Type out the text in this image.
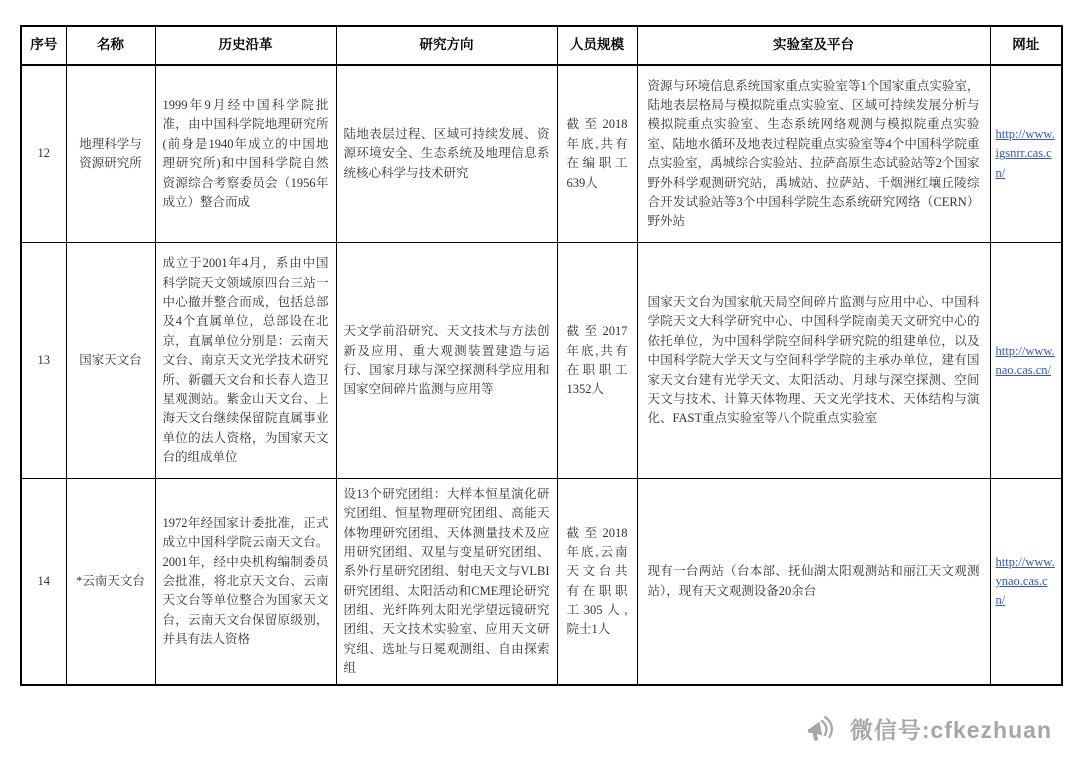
序号	名称	历史沿革	研究方向	人员规模	实验室及平台	网址
12	地理科学与资源研究所	1999年9月经中国科学院批准，由中国科学院地理研究所(前身是1940年成立的中国地理研究所)和中国科学院自然资源综合考察委员会（1956年成立）整合而成	陆地表层过程、区域可持续发展、资源环境安全、生态系统及地理信息系统核心科学与技术研究	截至2018年底,共有在编职工639人	资源与环境信息系统国家重点实验室等1个国家重点实验室，陆地表层格局与模拟院重点实验室、区域可持续发展分析与模拟院重点实验室、生态系统网络观测与模拟院重点实验室、陆地水循环及地表过程院重点实验室等4个中国科学院重点实验室，禹城综合实验站、拉萨高原生态试验站等2个国家野外科学观测研究站，禹城站、拉萨站、千烟洲红壤丘陵综合开发试验站等3个中国科学院生态系统研究网络（CERN）野外站	http://www.igsnrr.cas.cn/
13	国家天文台	成立于2001年4月，系由中国科学院天文领域原四台三站一中心撤并整合而成，包括总部及4个直属单位，总部设在北京，直属单位分别是：云南天文台、南京天文光学技术研究所、新疆天文台和长春人造卫星观测站。紫金山天文台、上海天文台继续保留院直属事业单位的法人资格，为国家天文台的组成单位	天文学前沿研究、天文技术与方法创新及应用、重大观测装置建造与运行、国家月球与深空探测科学应用和国家空间碎片监测与应用等	截至2017年底,共有在职职工1352人	国家天文台为国家航天局空间碎片监测与应用中心、中国科学院天文大科学研究中心、中国科学院南美天文研究中心的依托单位，为中国科学院空间科学研究院的组建单位，以及中国科学院大学天文与空间科学学院的主承办单位，建有国家天文台建有光学天文、太阳活动、月球与深空探测、空间天文与技术、计算天体物理、天文光学技术、天体结构与演化、FAST重点实验室等八个院重点实验室	http://www.nao.cas.cn/
14	*云南天文台	1972年经国家计委批准，正式成立中国科学院云南天文台。2001年，经中央机构编制委员会批准，将北京天文台、云南天文台等单位整合为国家天文台，云南天文台保留原级别，并具有法人资格	设13个研究团组：大样本恒星演化研究团组、恒星物理研究团组、高能天体物理研究团组、天体测量技术及应用研究团组、双星与变星研究团组、系外行星研究团组、射电天文与VLBI研究团组、太阳活动和CME理论研究团组、光纤阵列太阳光学望远镜研究团组、天文技术实验室、应用天文研究组、选址与日冕观测组、自由探索组	截至2018年底,云南天文台共有在职职工305人, 院士1人	现有一台两站（台本部、抚仙湖太阳观测站和丽江天文观测站），现有天文观测设备20余台	http://www.ynao.cas.cn/
微信号:cfkezhuan
